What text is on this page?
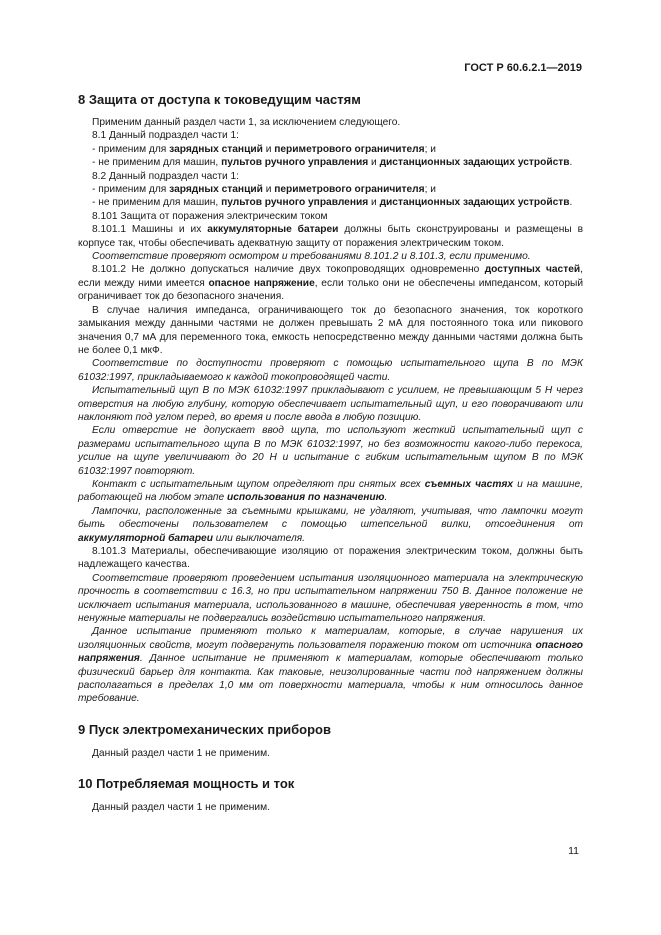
ГОСТ Р 60.6.2.1—2019
8 Защита от доступа к токоведущим частям

Применим данный раздел части 1, за исключением следующего.

8.1 Данный подраздел части 1:

- применим для зарядных станций и периметрового ограничителя; и

- не применим для машин, пультов ручного управления и дистанционных задающих устройств.

8.2 Данный подраздел части 1:

- применим для зарядных станций и периметрового ограничителя; и

- не применим для машин, пультов ручного управления и дистанционных задающих устройств.

8.101 Защита от поражения электрическим током

8.101.1 Машины и их аккумуляторные батареи должны быть сконструированы и размещены в корпусе так, чтобы обеспечивать адекватную защиту от поражения электрическим током.

Соответствие проверяют осмотром и требованиями 8.101.2 и 8.101.3, если применимо.

8.101.2 Не должно допускаться наличие двух токопроводящих одновременно доступных частей, если между ними имеется опасное напряжение, если только они не обеспечены импедансом, который ограничивает ток до безопасного значения.

В случае наличия импеданса, ограничивающего ток до безопасного значения, ток короткого замыкания между данными частями не должен превышать 2 мА для постоянного тока или пикового значения 0,7 мА для переменного тока, емкость непосредственно между данными частями должна быть не более 0,1 мкФ.

Соответствие по доступности проверяют с помощью испытательного щупа В по МЭК 61032:1997, прикладываемого к каждой токопроводящей части.

Испытательный щуп В по МЭК 61032:1997 прикладывают с усилием, не превышающим 5 Н через отверстия на любую глубину, которую обеспечивает испытательный щуп, и его поворачивают или наклоняют под углом перед, во время и после ввода в любую позицию.

Если отверстие не допускает ввод щупа, то используют жесткий испытательный щуп с размерами испытательного щупа В по МЭК 61032:1997, но без возможности какого-либо перекоса, усилие на щупе увеличивают до 20 Н и испытание с гибким испытательным щупом В по МЭК 61032:1997 повторяют.

Контакт с испытательным щупом определяют при снятых всех съемных частях и на машине, работающей на любом этапе использования по назначению.

Лампочки, расположенные за съемными крышками, не удаляют, учитывая, что лампочки могут быть обесточены пользователем с помощью штепсельной вилки, отсоединения от аккумуляторной батареи или выключателя.

8.101.3 Материалы, обеспечивающие изоляцию от поражения электрическим током, должны быть надлежащего качества.

Соответствие проверяют проведением испытания изоляционного материала на электрическую прочность в соответствии с 16.3, но при испытательном напряжении 750 В. Данное положение не исключает испытания материала, использованного в машине, обеспечивая уверенность в том, что ненужные материалы не подвергались воздействию испытательного напряжения.

Данное испытание применяют только к материалам, которые, в случае нарушения их изоляционных свойств, могут подвергнуть пользователя поражению током от источника опасного напряжения. Данное испытание не применяют к материалам, которые обеспечивают только физический барьер для контакта. Как таковые, неизолированные части под напряжением должны располагаться в пределах 1,0 мм от поверхности материала, чтобы к ним относилось данное требование.

9 Пуск электромеханических приборов

Данный раздел части 1 не применим.

10 Потребляемая мощность и ток

Данный раздел части 1 не применим.

11
